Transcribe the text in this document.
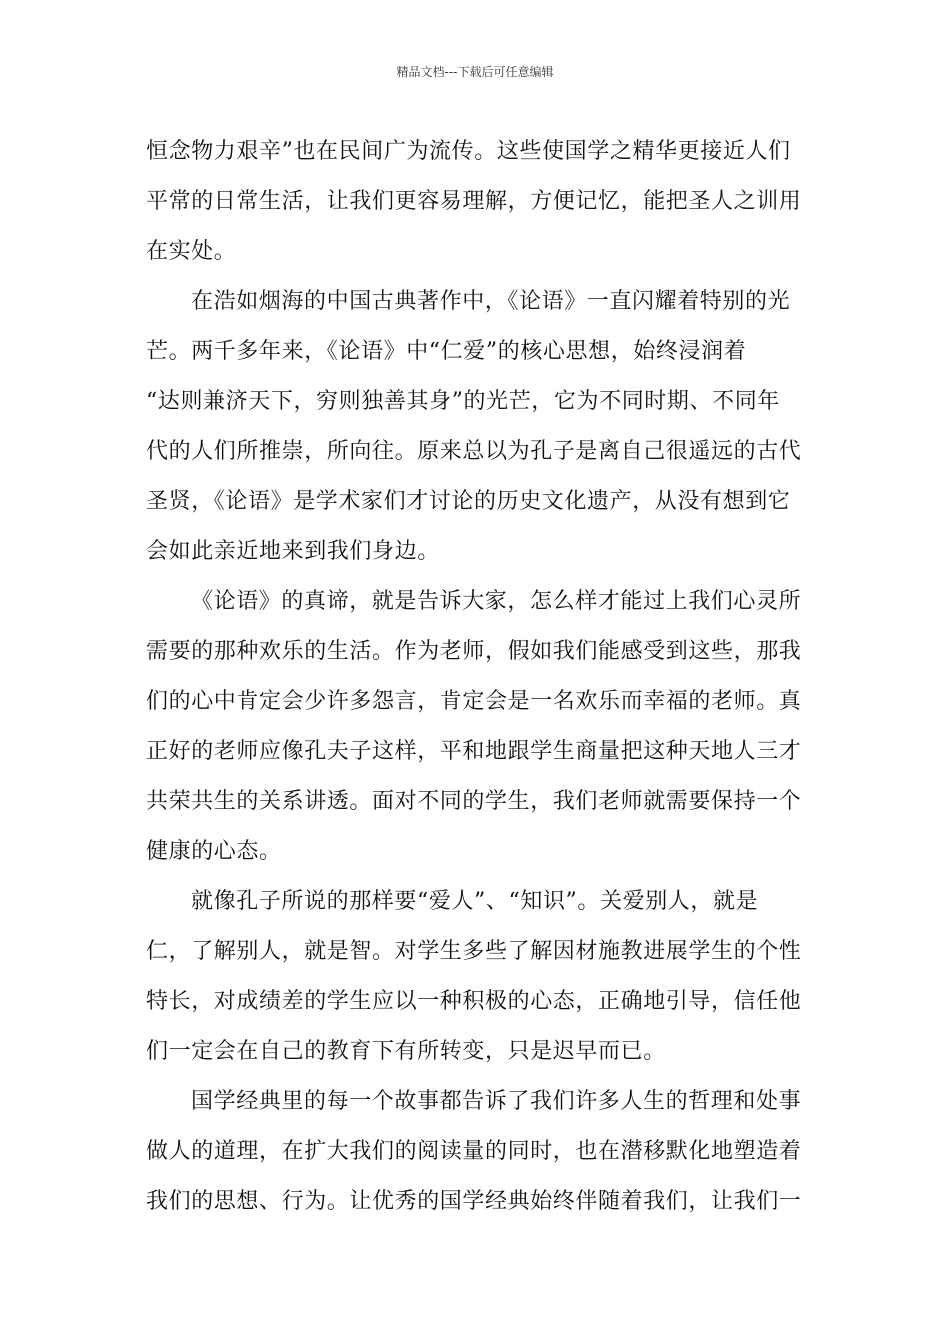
精品文档---下载后可任意编辑
恒念物力艰辛”也在民间广为流传。这些使国学之精华更接近人们
平常的日常生活，让我们更容易理解，方便记忆，能把圣人之训用
在实处。
在浩如烟海的中国古典著作中，《论语》一直闪耀着特别的光
芒。两千多年来，《论语》中“仁爱”的核心思想，始终浸润着
“达则兼济天下，穷则独善其身”的光芒，它为不同时期、不同年
代的人们所推崇，所向往。原来总以为孔子是离自己很遥远的古代
圣贤，《论语》是学术家们才讨论的历史文化遗产，从没有想到它
会如此亲近地来到我们身边。
《论语》的真谛，就是告诉大家，怎么样才能过上我们心灵所
需要的那种欢乐的生活。作为老师，假如我们能感受到这些，那我
们的心中肯定会少许多怨言，肯定会是一名欢乐而幸福的老师。真
正好的老师应像孔夫子这样，平和地跟学生商量把这种天地人三才
共荣共生的关系讲透。面对不同的学生，我们老师就需要保持一个
健康的心态。
就像孔子所说的那样要“爱人”、“知识”。关爱别人，就是
仁，了解别人，就是智。对学生多些了解因材施教进展学生的个性
特长，对成绩差的学生应以一种积极的心态，正确地引导，信任他
们一定会在自己的教育下有所转变，只是迟早而已。
国学经典里的每一个故事都告诉了我们许多人生的哲理和处事
做人的道理，在扩大我们的阅读量的同时，也在潜移默化地塑造着
我们的思想、行为。让优秀的国学经典始终伴随着我们，让我们一
